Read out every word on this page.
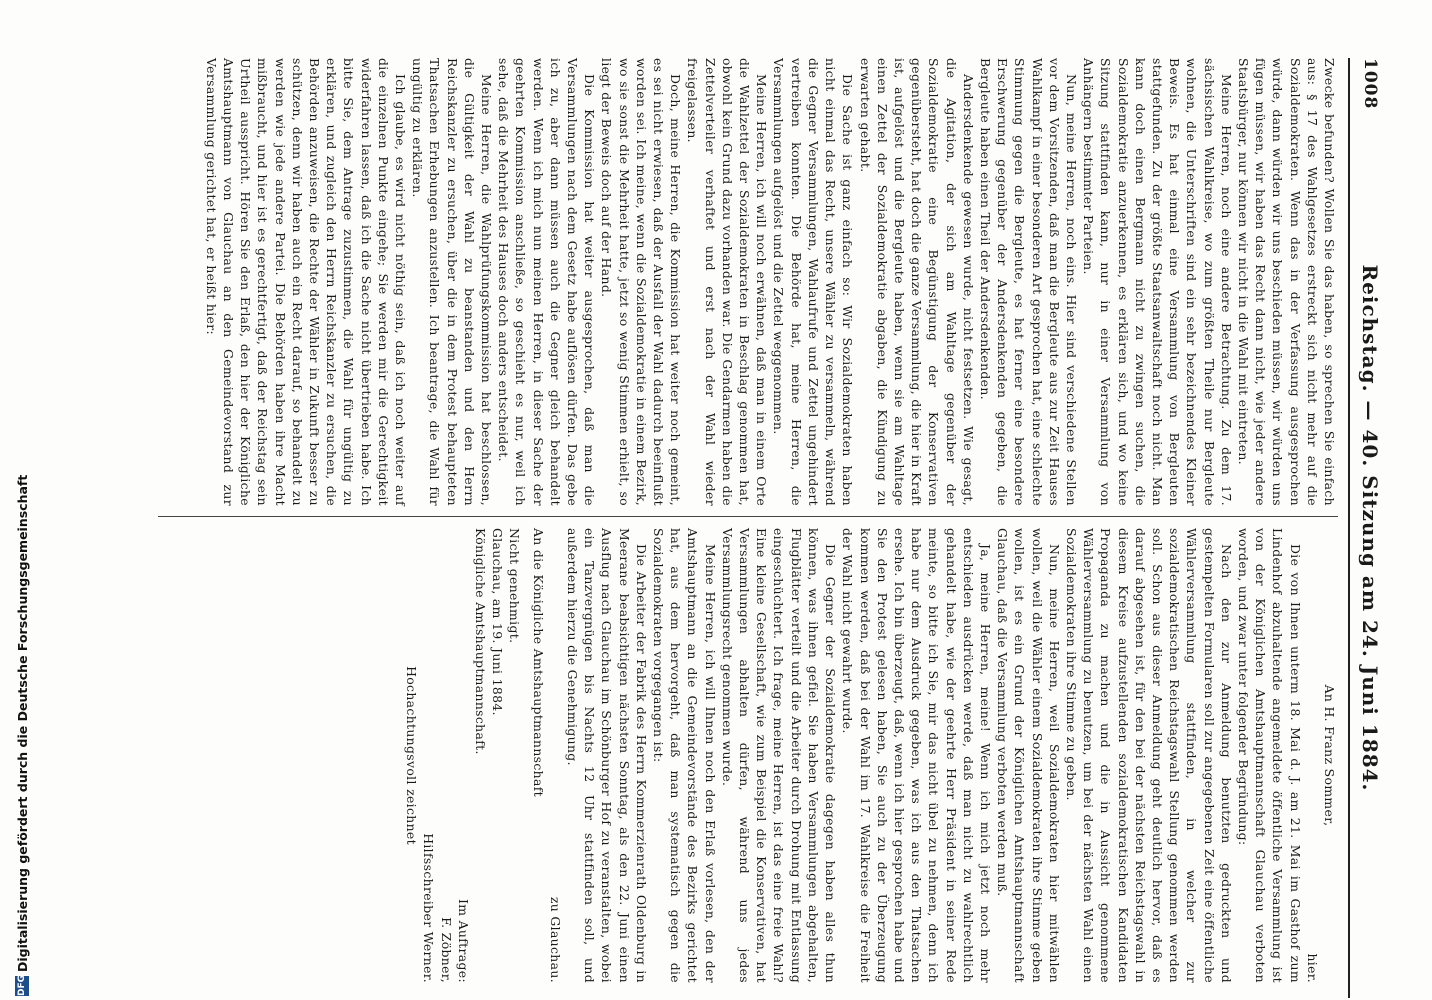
1008
Reichstag. — 40. Sitzung am 24. Juni 1884.

Zwecke befunden? Wollen Sie das haben, so sprechen Sie einfach aus: § 17 des Wahlgesetzes erstreckt sich nicht mehr auf die Sozialdemokraten. Wenn das in der Verfassung ausgesprochen würde, dann würden wir uns beschieden müssen, wir würden uns fügen müssen, wir haben das Recht dann nicht, wie jeder andere Staatsbürger, nur können wir nicht in die Wahl mit eintreten.

Meine Herren, noch eine andere Betrachtung. Zu dem 17. sächsischen Wahlkreise, wo zum größten Theile nur Bergleute wohnen, die Unterschriften sind ein sehr bezeichnendes Kleiner Beweis. Es hat einmal eine Versammlung von Bergleuten stattgefunden. Zu der größte Staatsanwaltschaft noch nicht. Man kann doch einen Bergmann nicht zu zwingen suchen, die Sozialdemokratie anzuerkennen, es erklären sich, und wo keine Sitzung stattfinden kann, nur in einer Versammlung von Anhängern bestimmter Parteien.

Nun, meine Herren, noch eins. Hier sind verschiedene Stellen vor dem Vorsitzenden, daß man die Bergleute aus zur Zeit Hauses Wahlkampf in einer besonderen Art gesprochen hat, eine schlechte Stimmung gegen die Bergleute, es hat ferner eine besondere Erschwerung gegenüber der Andersdenkenden gegeben, die Bergleute haben einen Theil der Andersdenkenden.

Andersdenkende gewesen wurde, nicht festsetzen. Wie gesagt, die Agitation, der sich am Wahltage gegenüber der Sozialdemokratie eine Begünstigung der Konservativen gegenübersteht, hat doch die ganze Versammlung, die hier in Kraft ist, aufgelöst und die Bergleute haben, wenn sie am Wahltage einen Zettel der Sozialdemokratie abgaben, die Kündigung zu erwarten gehabt.

Die Sache ist ganz einfach so: Wir Sozialdemokraten haben nicht einmal das Recht, unsere Wähler zu versammeln, während die Gegner Versammlungen, Wahlaufrufe und Zettel ungehindert vertreiben konnten. Die Behörde hat, meine Herren, die Versammlungen aufgelöst und die Zettel weggenommen.

Meine Herren, ich will noch erwähnen, daß man in einem Orte die Wahlzettel der Sozialdemokraten in Beschlag genommen hat, obwohl kein Grund dazu vorhanden war. Die Gendarmen haben die Zettelverteiler verhaftet und erst nach der Wahl wieder freigelassen.

Doch, meine Herren, die Kommission hat weiter noch gemeint, es sei nicht erwiesen, daß der Ausfall der Wahl dadurch beeinflußt worden sei. Ich meine, wenn die Sozialdemokratie in einem Bezirk, wo sie sonst die Mehrheit hatte, jetzt so wenig Stimmen erhielt, so liegt der Beweis doch auf der Hand.

Die Kommission hat weiter ausgesprochen, daß man die Versammlungen nach dem Gesetz habe auflösen dürfen. Das gebe ich zu, aber dann müssen auch die Gegner gleich behandelt werden. Wenn ich mich nun meinen Herren, in dieser Sache der geehrten Kommission anschließe, so geschieht es nur, weil ich sehe, daß die Mehrheit des Hauses doch anders entscheidet.

Meine Herren, die Wahlprüfungskommission hat beschlossen, die Gültigkeit der Wahl zu beanstanden und den Herrn Reichskanzler zu ersuchen, über die in dem Protest behaupteten Thatsachen Erhebungen anzustellen. Ich beantrage, die Wahl für ungültig zu erklären.

Ich glaube, es wird nicht nöthig sein, daß ich noch weiter auf die einzelnen Punkte eingehe; Sie werden mir die Gerechtigkeit widerfahren lassen, daß ich die Sache nicht übertrieben habe. Ich bitte Sie, dem Antrage zuzustimmen, die Wahl für ungültig zu erklären, und zugleich den Herrn Reichskanzler zu ersuchen, die Behörden anzuweisen, die Rechte der Wähler in Zukunft besser zu schützen, denn wir haben auch ein Recht darauf, so behandelt zu werden wie jede andere Partei. Die Behörden haben ihre Macht mißbraucht, und hier ist es gerechtfertigt, daß der Reichstag sein Urtheil ausspricht. Hören Sie den Erlaß, den hier der Königliche Amtshauptmann von Glauchau an den Gemeindevorstand zur Versammlung gerichtet hat, er heißt hier:

An H. Franz Sommer,

hier.

Die von Ihnen unterm 18. Mai d. J. am 21. Mai im Gasthof zum Lindenhof abzuhaltende angemeldete öffentliche Versammlung ist von der Königlichen Amtshauptmannschaft Glauchau verboten worden, und zwar unter folgender Begründung:

Nach den zur Anmeldung benutzten gedruckten und gestempelten Formularen soll zur angegebenen Zeit eine öffentliche Wählerversammlung stattfinden, in welcher zur sozialdemokratischen Reichstagswahl Stellung genommen werden soll. Schon aus dieser Anmeldung geht deutlich hervor, daß es darauf abgesehen ist, für den bei der nächsten Reichstagswahl in diesem Kreise aufzustellenden sozialdemokratischen Kandidaten Propaganda zu machen und die in Aussicht genommene Wählerversammlung zu benutzen, um bei der nächsten Wahl einen Sozialdemokraten ihre Stimme zu geben.

Nun, meine Herren, weil Sozialdemokraten hier mitwählen wollen, weil die Wähler einem Sozialdemokraten ihre Stimme geben wollen, ist es ein Grund der Königlichen Amtshauptmannschaft Glauchau, daß die Versammlung verboten werden muß.

Ja, meine Herren, meine! Wenn ich mich jetzt noch mehr entschieden ausdrücken werde, daß man nicht zu wahlrechtlich gehandelt habe, wie der geehrte Herr Präsident in seiner Rede meinte, so bitte ich Sie, mir das nicht übel zu nehmen, denn ich habe nur dem Ausdruck gegeben, was ich aus den Thatsachen ersehe. Ich bin überzeugt, daß, wenn ich hier gesprochen habe und Sie den Protest gelesen haben, Sie auch zu der Überzeugung kommen werden, daß bei der Wahl im 17. Wahlkreise die Freiheit der Wahl nicht gewahrt wurde.

Die Gegner der Sozialdemokratie dagegen haben alles thun können, was ihnen gefiel. Sie haben Versammlungen abgehalten, Flugblätter verteilt und die Arbeiter durch Drohung mit Entlassung eingeschüchtert. Ich frage, meine Herren, ist das eine freie Wahl? Eine kleine Gesellschaft, wie zum Beispiel die Konservativen, hat Versammlungen abhalten dürfen, während uns jedes Versammlungsrecht genommen wurde.

Meine Herren, ich will Ihnen noch den Erlaß vorlesen, den der Amtshauptmann an die Gemeindevorstände des Bezirks gerichtet hat, aus dem hervorgeht, daß man systematisch gegen die Sozialdemokraten vorgegangen ist:

Die Arbeiter der Fabrik des Herrn Kommerzienrath Oldenburg in Meerane beabsichtigen nächsten Sonntag, als den 22. Juni einen Ausflug nach Glauchau im Schönburger Hof zu veranstalten, wobei ein Tanzvergnügen bis Nachts 12 Uhr stattfinden soll, und außerdem hierzu die Genehmigung.

zu Glauchau.

An die Königliche Amtshauptmannschaft

Nicht genehmigt.

Glauchau, am 19. Juni 1884.

Königliche Amtshauptmannschaft.

Im Auftrage:

F. Zöbner,

Hilfsschreiber Werner.

Hochachtungsvoll zeichnet

DFG
Digitalisierung gefördert durch die Deutsche Forschungsgemeinschaft
